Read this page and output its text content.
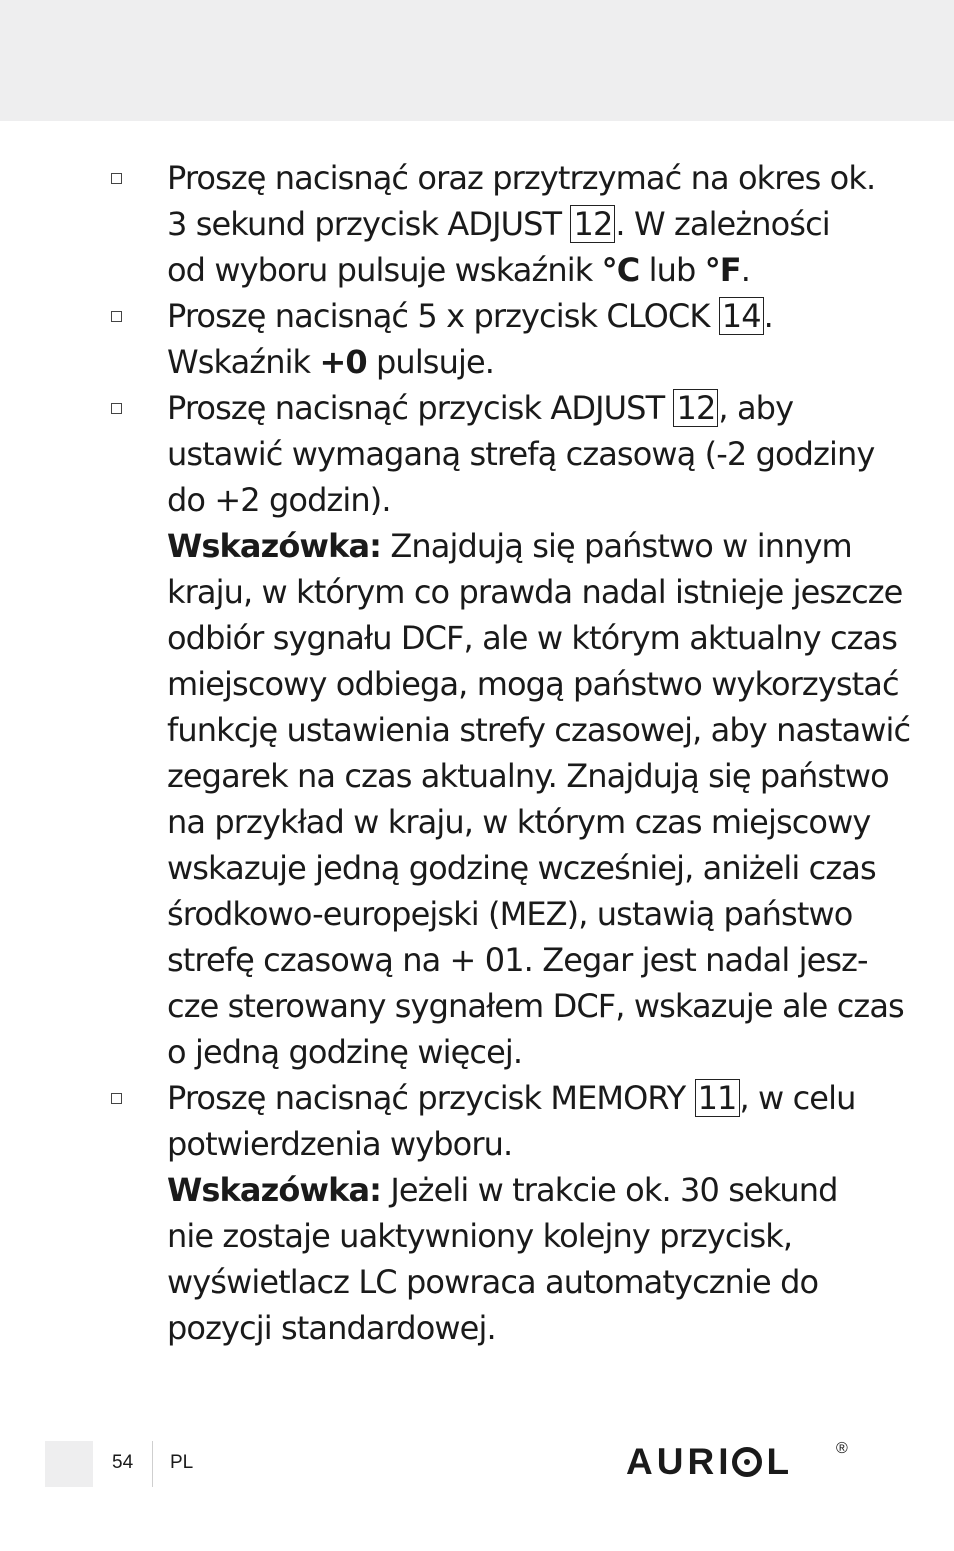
Proszę nacisnąć oraz przytrzymać na okres ok.
3 sekund przycisk ADJUST 12. W zależności
od wyboru pulsuje wskaźnik °C lub °F.
Proszę nacisnąć 5 x przycisk CLOCK 14.
Wskaźnik +0 pulsuje.
Proszę nacisnąć przycisk ADJUST 12, aby
ustawić wymaganą strefą czasową (-2 godziny
do +2 godzin).
Wskazówka: Znajdują się państwo w innym
kraju, w którym co prawda nadal istnieje jeszcze
odbiór sygnału DCF, ale w którym aktualny czas
miejscowy odbiega, mogą państwo wykorzystać
funkcję ustawienia strefy czasowej, aby nastawić
zegarek na czas aktualny. Znajdują się państwo
na przykład w kraju, w którym czas miejscowy
wskazuje jedną godzinę wcześniej, aniżeli czas
środkowo-europejski (MEZ), ustawią państwo
strefę czasową na + 01. Zegar jest nadal jesz-
cze sterowany sygnałem DCF, wskazuje ale czas
o jedną godzinę więcej.
Proszę nacisnąć przycisk MEMORY 11, w celu
potwierdzenia wyboru.
Wskazówka: Jeżeli w trakcie ok. 30 sekund
nie zostaje uaktywniony kolejny przycisk,
wyświetlacz LC powraca automatycznie do
pozycji standardowej.
54 PL	AURI L	®
